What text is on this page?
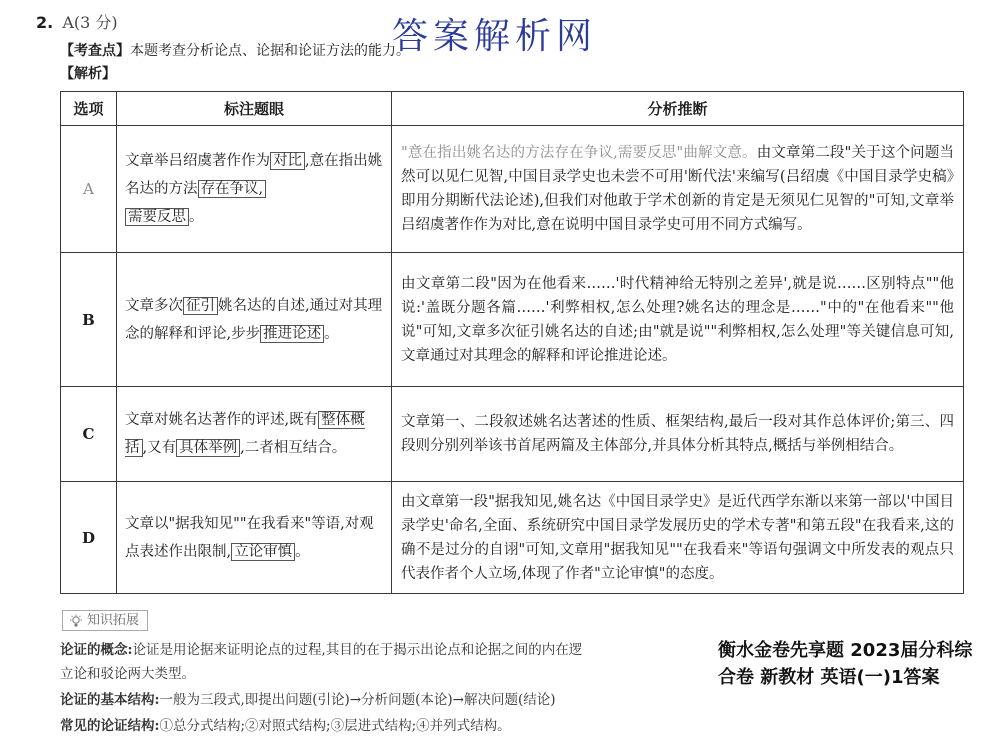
答案解析网
2. A(3 分)
【考查点】本题考查分析论点、论据和论证方法的能力。
【解析】
选项	标注题眼	分析推断
A	文章举吕绍虞著作作为 对比 ,意在指出姚名达的方法 存在争议,
需要反思 。	"意在指出姚名达的方法存在争议,需要反思"曲解文意。由文章第二段"关于这个问题当然可以见仁见智,中国目录学史也未尝不可用'断代法'来编写(吕绍虞《中国目录学史稿》即用分期断代法论述),但我们对他敢于学术创新的肯定是无须见仁见智的"可知,文章举吕绍虞著作作为对比,意在说明中国目录学史可用不同方式编写。
B	文章多次 征引 姚名达的自述,通过对其理念的解释和评论,步步 推进论述 。	由文章第二段"因为在他看来……'时代精神给无特别之差异',就是说……区别特点""他说:'盖既分题各篇……'利弊相权,怎么处理?姚名达的理念是……"中的"在他看来""他说"可知,文章多次征引姚名达的自述;由"就是说""利弊相权,怎么处理"等关键信息可知,文章通过对其理念的解释和评论推进论述。
C	文章对姚名达著作的评述,既有 整体概括 ,又有 具体举例 ,二者相互结合。	文章第一、二段叙述姚名达著述的性质、框架结构,最后一段对其作总体评价;第三、四段则分别列举该书首尾两篇及主体部分,并具体分析其特点,概括与举例相结合。
D	文章以"据我知见""在我看来"等语,对观点表述作出限制, 立论审慎 。	由文章第一段"据我知见,姚名达《中国目录学史》是近代西学东渐以来第一部以'中国目录学史'命名,全面、系统研究中国目录学发展历史的学术专著"和第五段"在我看来,这的确不是过分的自诩"可知,文章用"据我知见""在我看来"等语句强调文中所发表的观点只代表作者个人立场,体现了作者"立论审慎"的态度。
知识拓展
论证的概念:论证是用论据来证明论点的过程,其目的在于揭示出论点和论据之间的内在逻
立论和驳论两大类型。
论证的基本结构:一般为三段式,即提出问题(引论)→分析问题(本论)→解决问题(结论)
常见的论证结构:①总分式结构;②对照式结构;③层进式结构;④并列式结构。
衡水金卷先享题 2023届分科综合卷 新教材 英语(一)1答案
